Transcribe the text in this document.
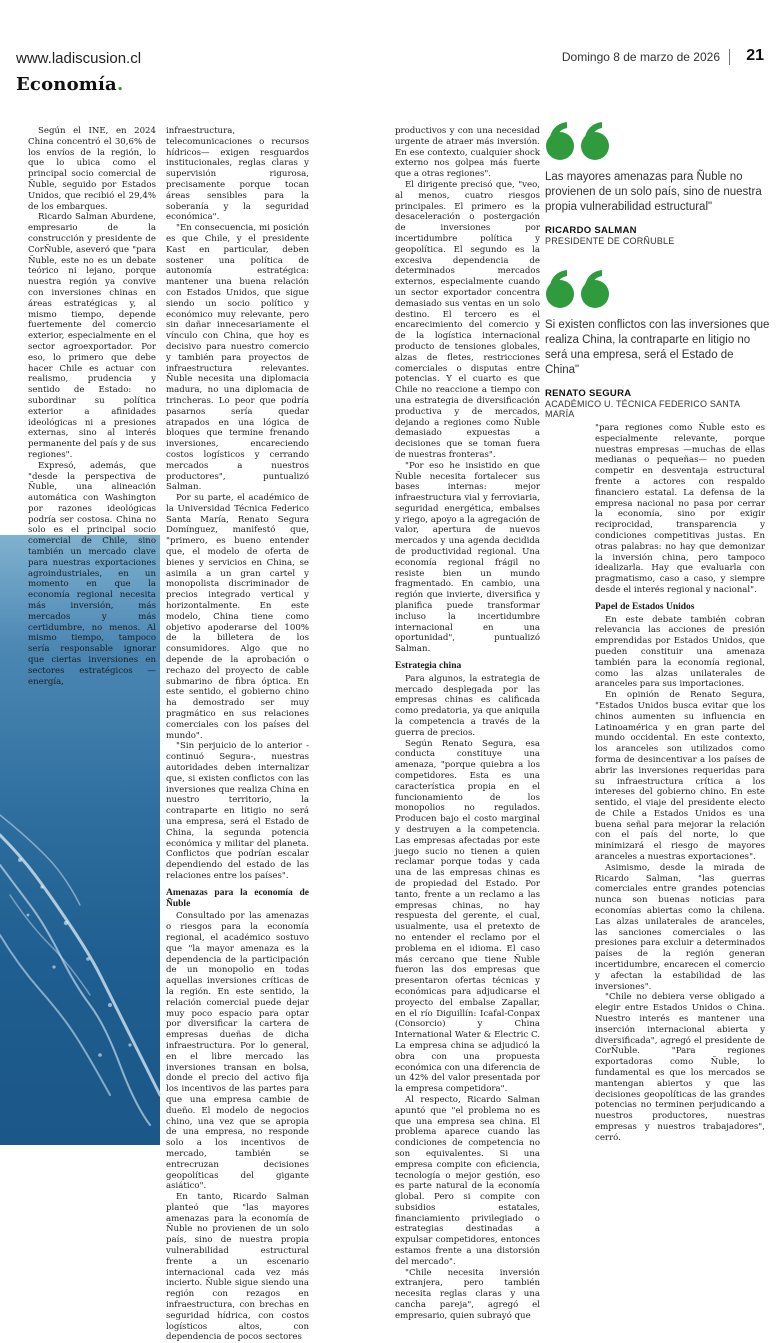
www.ladiscusion.cl	Domingo 8 de marzo de 2026 21
Economía.

Según el INE, en 2024 China concentró el 30,6% de los envíos de la región, lo que lo ubica como el principal socio comercial de Ñuble, seguido por Estados Unidos, que recibió el 29,4% de los embarques.

Ricardo Salman Aburdene, empresario de la construcción y presidente de CorÑuble, aseveró que "para Ñuble, este no es un debate teórico ni lejano, porque nuestra región ya convive con inversiones chinas en áreas estratégicas y, al mismo tiempo, depende fuertemente del comercio exterior, especialmente en el sector agroexportador. Por eso, lo primero que debe hacer Chile es actuar con realismo, prudencia y sentido de Estado: no subordinar su política exterior a afinidades ideológicas ni a presiones externas, sino al interés permanente del país y de sus regiones".

Expresó, además, que "desde la perspectiva de Ñuble, una alineación automática con Washington por razones ideológicas podría ser costosa. China no solo es el principal socio comercial de Chile, sino también un mercado clave para nuestras exportaciones agroindustriales, en un momento en que la economía regional necesita más inversión, más mercados y más certidumbre, no menos. Al mismo tiempo, tampoco sería responsable ignorar que ciertas inversiones en sectores estratégicos —energía,

infraestructura, telecomunicaciones o recursos hídricos— exigen resguardos institucionales, reglas claras y supervisión rigurosa, precisamente porque tocan áreas sensibles para la soberanía y la seguridad económica".

"En consecuencia, mi posición es que Chile, y el presidente Kast en particular, deben sostener una política de autonomía estratégica: mantener una buena relación con Estados Unidos, que sigue siendo un socio político y económico muy relevante, pero sin dañar innecesariamente el vínculo con China, que hoy es decisivo para nuestro comercio y también para proyectos de infraestructura relevantes. Ñuble necesita una diplomacia madura, no una diplomacia de trincheras. Lo peor que podría pasarnos sería quedar atrapados en una lógica de bloques que termine frenando inversiones, encareciendo costos logísticos y cerrando mercados a nuestros productores", puntualizó Salman.

Por su parte, el académico de la Universidad Técnica Federico Santa María, Renato Segura Domínguez, manifestó que, "primero, es bueno entender que, el modelo de oferta de bienes y servicios en China, se asimila a un gran cartel y monopolista discriminador de precios integrado vertical y horizontalmente. En este modelo, China tiene como objetivo apoderarse del 100% de la billetera de los consumidores. Algo que no depende de la aprobación o rechazo del proyecto de cable submarino de fibra óptica. En este sentido, el gobierno chino ha demostrado ser muy pragmático en sus relaciones comerciales con los países del mundo".

"Sin perjuicio de lo anterior -continuó Segura-, nuestras autoridades deben internalizar que, si existen conflictos con las inversiones que realiza China en nuestro territorio, la contraparte en litigio no será una empresa, será el Estado de China, la segunda potencia económica y militar del planeta. Conflictos que podrían escalar dependiendo del estado de las relaciones entre los países".

Amenazas para la economía de Ñuble

Consultado por las amenazas o riesgos para la economía regional, el académico sostuvo que "la mayor amenaza es la dependencia de la participación de un monopolio en todas aquellas inversiones críticas de la región. En este sentido, la relación comercial puede dejar muy poco espacio para optar por diversificar la cartera de empresas dueñas de dicha infraestructura. Por lo general, en el libre mercado las inversiones transan en bolsa, donde el precio del activo fija los incentivos de las partes para que una empresa cambie de dueño. El modelo de negocios chino, una vez que se apropia de una empresa, no responde solo a los incentivos de mercado, también se entrecruzan decisiones geopolíticas del gigante asiático".

En tanto, Ricardo Salman planteó que "las mayores amenazas para la economía de Ñuble no provienen de un solo país, sino de nuestra propia vulnerabilidad estructural frente a un escenario internacional cada vez más incierto. Ñuble sigue siendo una región con rezagos en infraestructura, con brechas en seguridad hídrica, con costos logísticos altos, con dependencia de pocos sectores

productivos y con una necesidad urgente de atraer más inversión. En ese contexto, cualquier shock externo nos golpea más fuerte que a otras regiones".

El dirigente precisó que, "veo, al menos, cuatro riesgos principales. El primero es la desaceleración o postergación de inversiones por incertidumbre política y geopolítica. El segundo es la excesiva dependencia de determinados mercados externos, especialmente cuando un sector exportador concentra demasiado sus ventas en un solo destino. El tercero es el encarecimiento del comercio y de la logística internacional producto de tensiones globales, alzas de fletes, restricciones comerciales o disputas entre potencias. Y el cuarto es que Chile no reaccione a tiempo con una estrategia de diversificación productiva y de mercados, dejando a regiones como Ñuble demasiado expuestas a decisiones que se toman fuera de nuestras fronteras".

"Por eso he insistido en que Ñuble necesita fortalecer sus bases internas: mejor infraestructura vial y ferroviaria, seguridad energética, embalses y riego, apoyo a la agregación de valor, apertura de nuevos mercados y una agenda decidida de productividad regional. Una economía regional frágil no resiste bien un mundo fragmentado. En cambio, una región que invierte, diversifica y planifica puede transformar incluso la incertidumbre internacional en una oportunidad", puntualizó Salman.

Estrategia china

Para algunos, la estrategia de mercado desplegada por las empresas chinas es calificada como predatoria, ya que aniquila la competencia a través de la guerra de precios.

Según Renato Segura, esa conducta constituye una amenaza, "porque quiebra a los competidores. Esta es una característica propia en el funcionamiento de los monopolios no regulados. Producen bajo el costo marginal y destruyen a la competencia. Las empresas afectadas por este juego sucio no tienen a quien reclamar porque todas y cada una de las empresas chinas es de propiedad del Estado. Por tanto, frente a un reclamo a las empresas chinas, no hay respuesta del gerente, el cual, usualmente, usa el pretexto de no entender el reclamo por el problema en el idioma. El caso más cercano que tiene Ñuble fueron las dos empresas que presentaron ofertas técnicas y económicas para adjudicarse el proyecto del embalse Zapallar, en el río Diguillín: Icafal-Conpax (Consorcio) y China International Water & Electric C. La empresa china se adjudicó la obra con una propuesta económica con una diferencia de un 42% del valor presentada por la empresa competidora".

Al respecto, Ricardo Salman apuntó que "el problema no es que una empresa sea china. El problema aparece cuando las condiciones de competencia no son equivalentes. Si una empresa compite con eficiencia, tecnología o mejor gestión, eso es parte natural de la economía global. Pero si compite con subsidios estatales, financiamiento privilegiado o estrategias destinadas a expulsar competidores, entonces estamos frente a una distorsión del mercado".

"Chile necesita inversión extranjera, pero también necesita reglas claras y una cancha pareja", agregó el empresario, quien subrayó que

Las mayores amenazas para Ñuble no provienen de un solo país, sino de nuestra propia vulnerabilidad estructural"
RICARDO SALMAN
PRESIDENTE DE CORÑUBLE
Si existen conflictos con las inversiones que realiza China, la contraparte en litigio no será una empresa, será el Estado de China"
RENATO SEGURA
ACADÉMICO U. TÉCNICA FEDERICO SANTA MARÍA

"para regiones como Ñuble esto es especialmente relevante, porque nuestras empresas —muchas de ellas medianas o pequeñas— no pueden competir en desventaja estructural frente a actores con respaldo financiero estatal. La defensa de la empresa nacional no pasa por cerrar la economía, sino por exigir reciprocidad, transparencia y condiciones competitivas justas. En otras palabras: no hay que demonizar la inversión china, pero tampoco idealizarla. Hay que evaluarla con pragmatismo, caso a caso, y siempre desde el interés regional y nacional".

Papel de Estados Unidos

En este debate también cobran relevancia las acciones de presión emprendidas por Estados Unidos, que pueden constituir una amenaza también para la economía regional, como las alzas unilaterales de aranceles para sus importaciones.

En opinión de Renato Segura, "Estados Unidos busca evitar que los chinos aumenten su influencia en Latinoamérica y en gran parte del mundo occidental. En este contexto, los aranceles son utilizados como forma de desincentivar a los países de abrir las inversiones requeridas para su infraestructura crítica a los intereses del gobierno chino. En este sentido, el viaje del presidente electo de Chile a Estados Unidos es una buena señal para mejorar la relación con el país del norte, lo que minimizará el riesgo de mayores aranceles a nuestras exportaciones".

Asimismo, desde la mirada de Ricardo Salman, "las guerras comerciales entre grandes potencias nunca son buenas noticias para economías abiertas como la chilena. Las alzas unilaterales de aranceles, las sanciones comerciales o las presiones para excluir a determinados países de la región generan incertidumbre, encarecen el comercio y afectan la estabilidad de las inversiones".

"Chile no debiera verse obligado a elegir entre Estados Unidos o China. Nuestro interés es mantener una inserción internacional abierta y diversificada", agregó el presidente de CorÑuble. "Para regiones exportadoras como Ñuble, lo fundamental es que los mercados se mantengan abiertos y que las decisiones geopolíticas de las grandes potencias no terminen perjudicando a nuestros productores, nuestras empresas y nuestros trabajadores", cerró.
